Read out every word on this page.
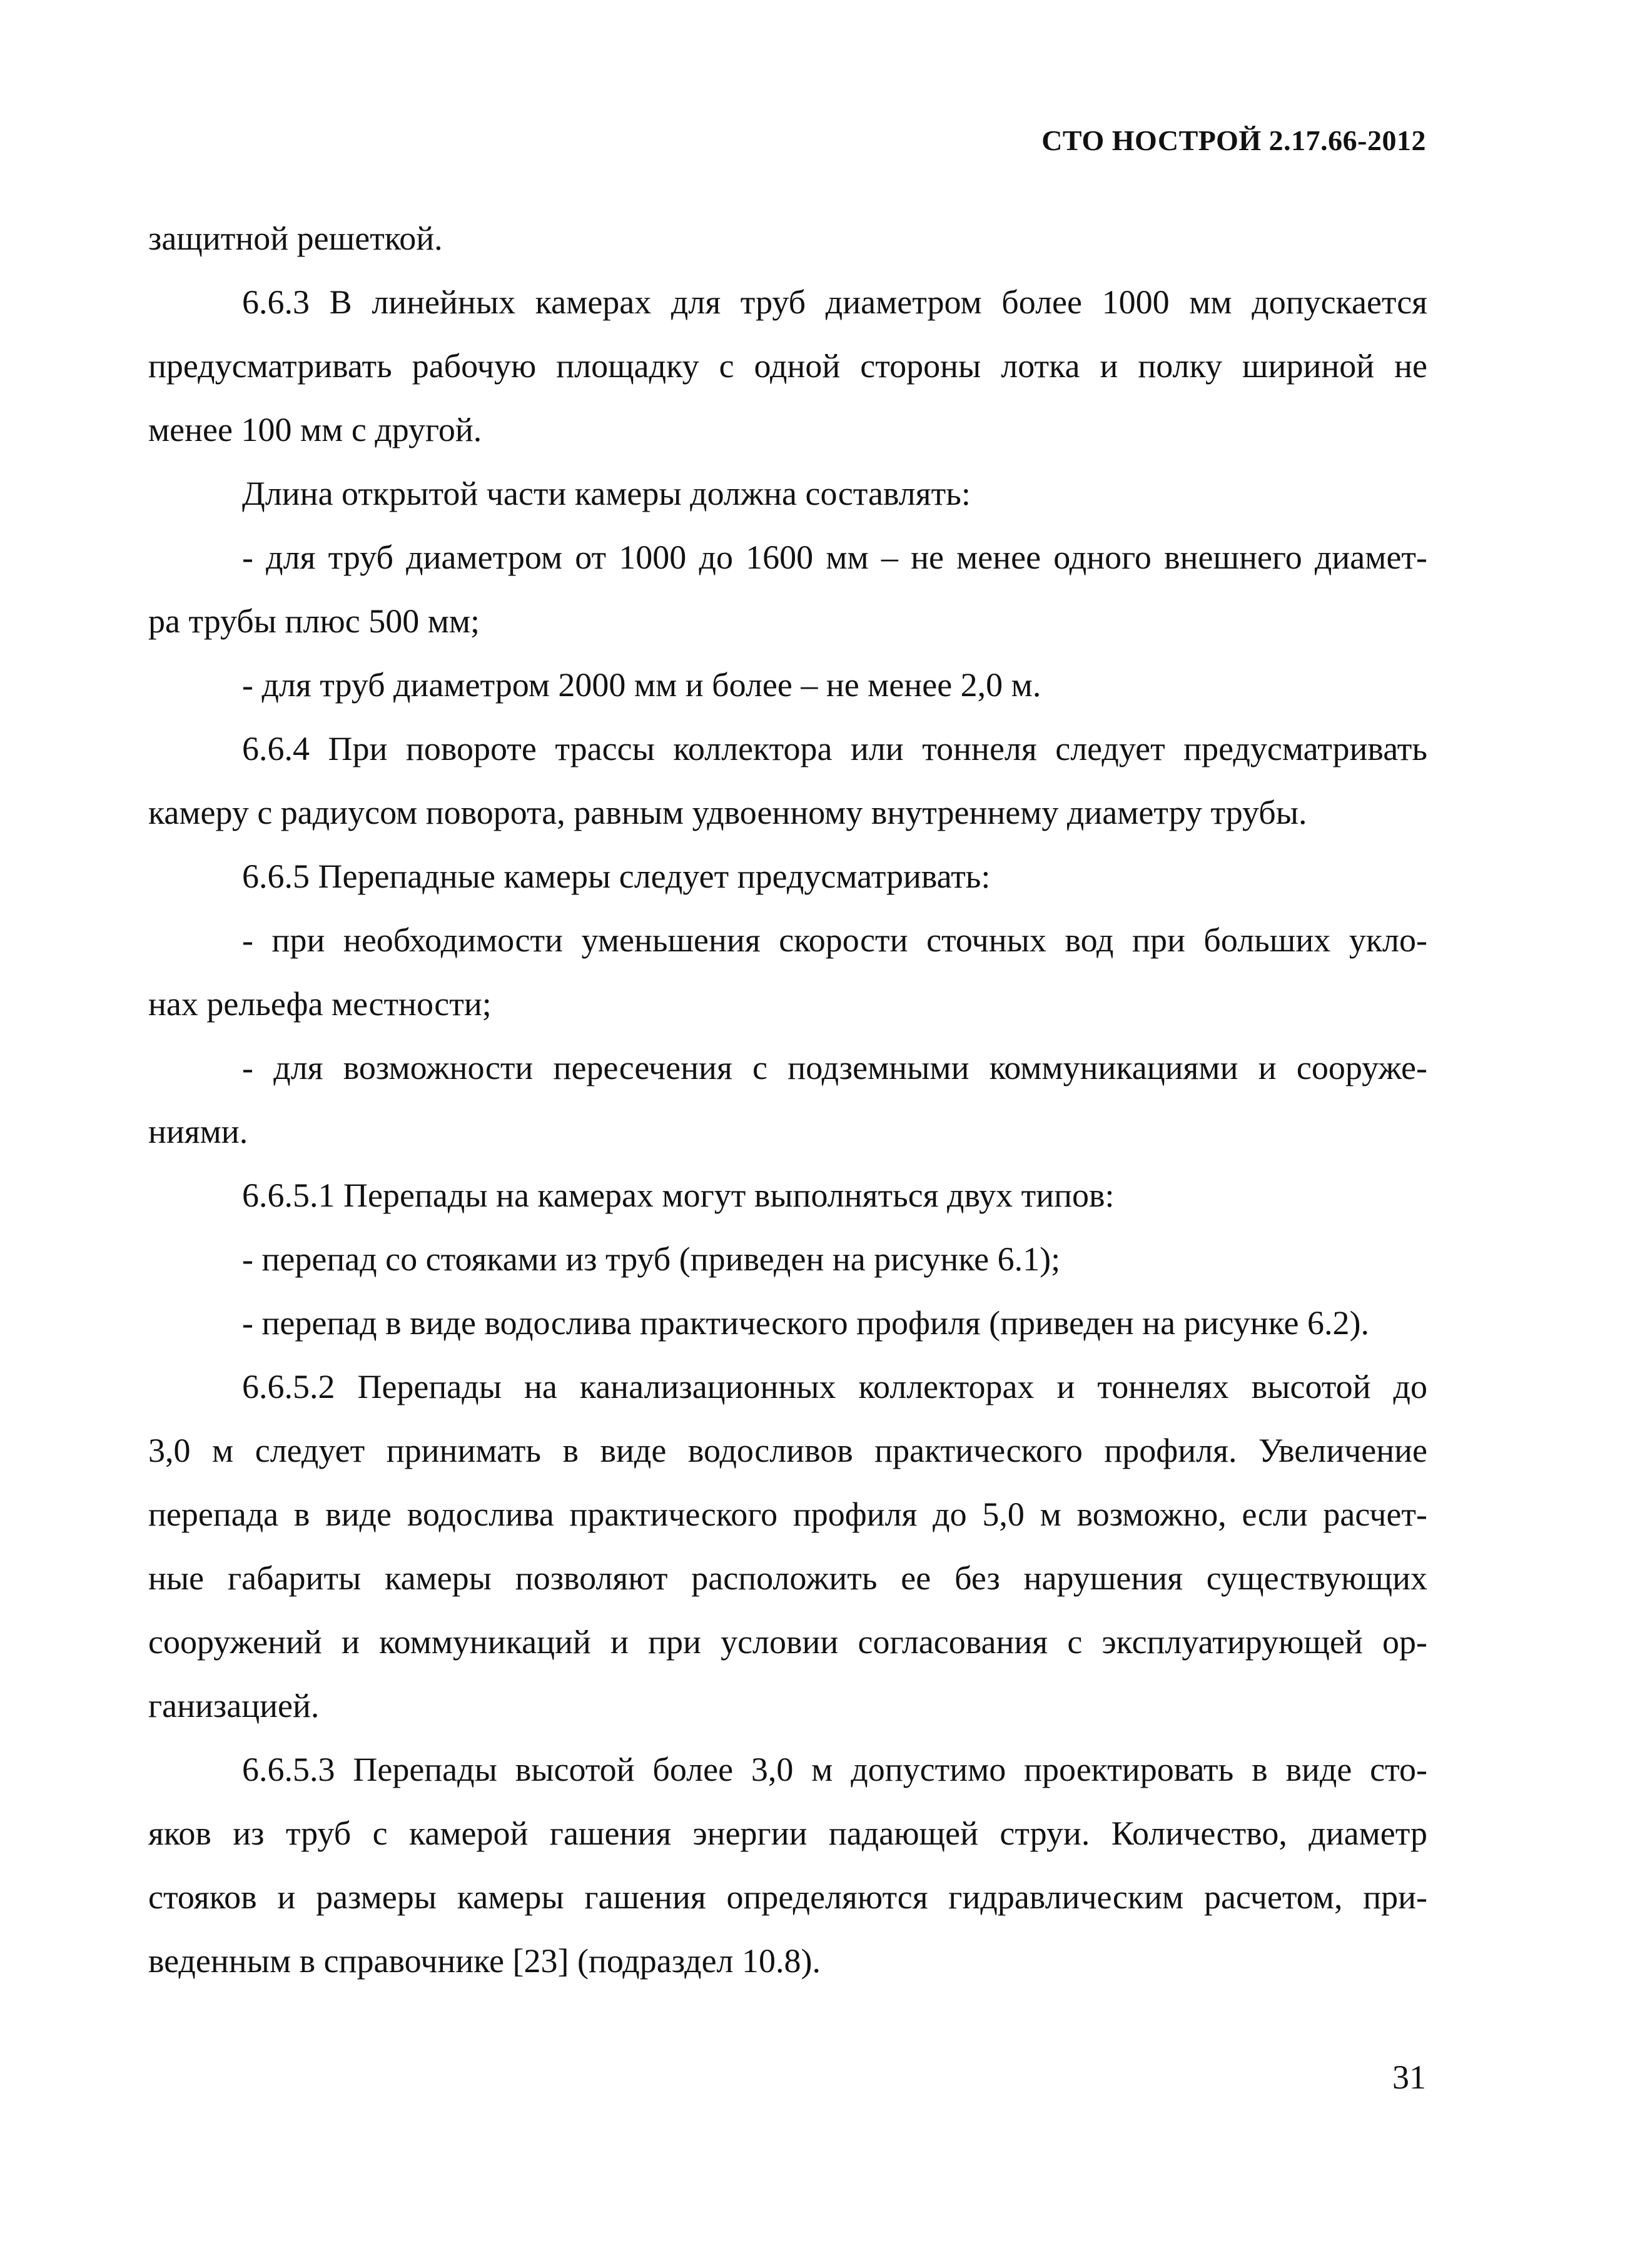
СТО НОСТРОЙ 2.17.66-2012
защитной решеткой.
6.6.3 В линейных камерах для труб диаметром более 1000 мм допускается
предусматривать рабочую площадку с одной стороны лотка и полку шириной не
менее 100 мм с другой.
Длина открытой части камеры должна составлять:
- для труб диаметром от 1000 до 1600 мм – не менее одного внешнего диамет-
ра трубы плюс 500 мм;
- для труб диаметром 2000 мм и более – не менее 2,0 м.
6.6.4 При повороте трассы коллектора или тоннеля следует предусматривать
камеру с радиусом поворота, равным удвоенному внутреннему диаметру трубы.
6.6.5 Перепадные камеры следует предусматривать:
- при необходимости уменьшения скорости сточных вод при больших укло-
нах рельефа местности;
- для возможности пересечения с подземными коммуникациями и сооруже-
ниями.
6.6.5.1 Перепады на камерах могут выполняться двух типов:
- перепад со стояками из труб (приведен на рисунке 6.1);
- перепад в виде водослива практического профиля (приведен на рисунке 6.2).
6.6.5.2 Перепады на канализационных коллекторах и тоннелях высотой до
3,0 м следует принимать в виде водосливов практического профиля. Увеличение
перепада в виде водослива практического профиля до 5,0 м возможно, если расчет-
ные габариты камеры позволяют расположить ее без нарушения существующих
сооружений и коммуникаций и при условии согласования с эксплуатирующей ор-
ганизацией.
6.6.5.3 Перепады высотой более 3,0 м допустимо проектировать в виде сто-
яков из труб с камерой гашения энергии падающей струи. Количество, диаметр
стояков и размеры камеры гашения определяются гидравлическим расчетом, при-
веденным в справочнике [23] (подраздел 10.8).
31
